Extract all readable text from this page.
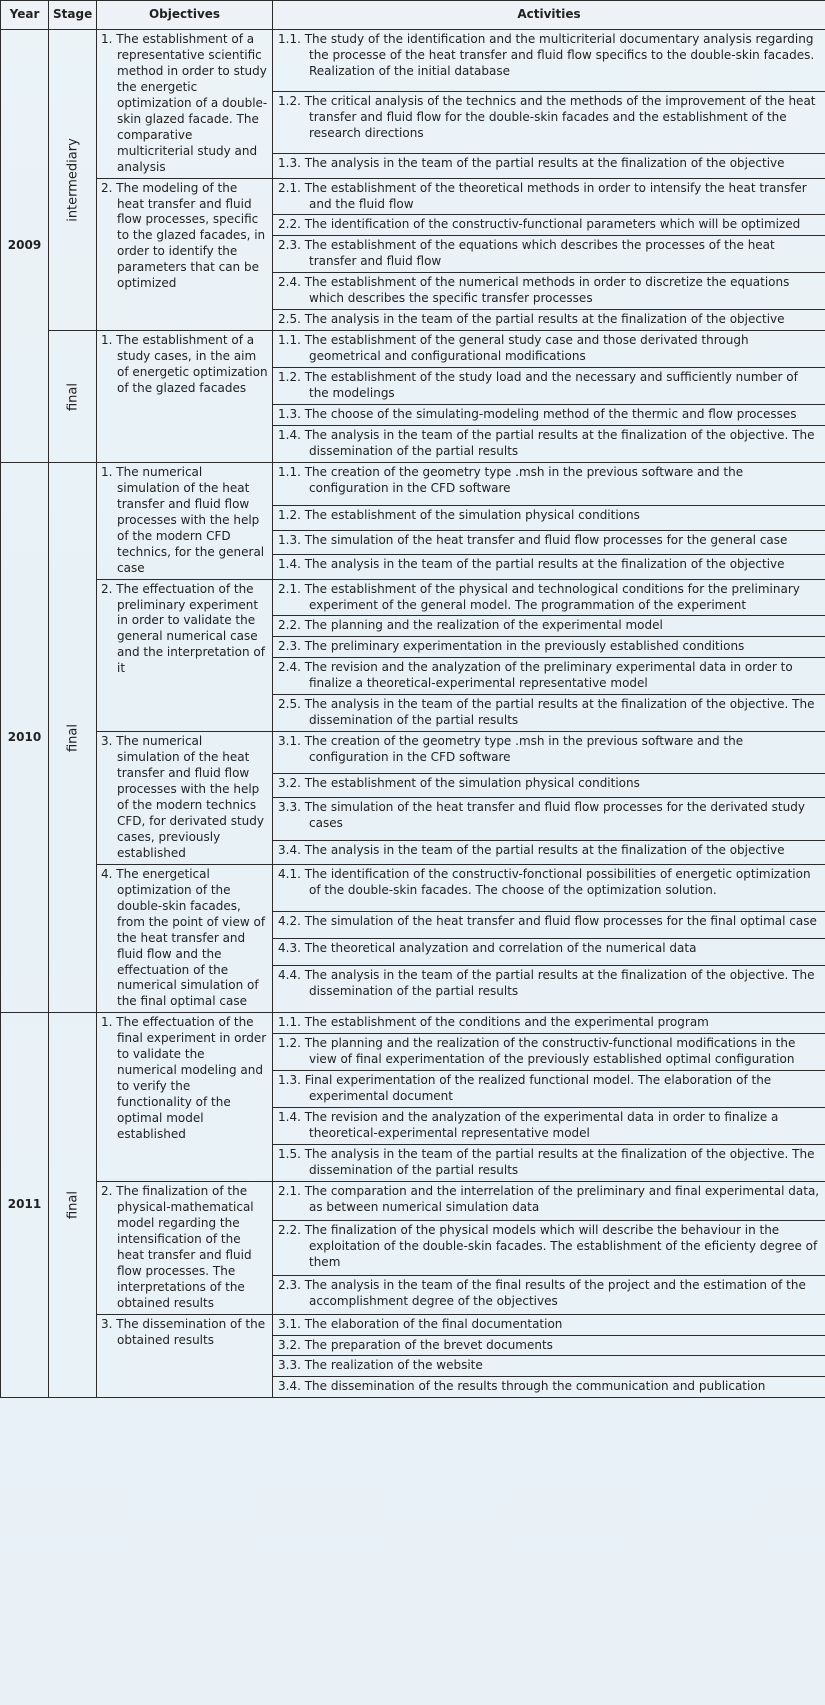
Year	Stage	Objectives	Activities
2009	intermediary	1. The establishment of a representative scientific method in order to study the energetic optimization of a double-skin glazed facade. The comparative multicriterial study and analysis	1.1. The study of the identification and the multicriterial documentary analysis regarding the processe of the heat transfer and fluid flow specifics to the double-skin facades. Realization of the initial database
			1.2. The critical analysis of the technics and the methods of the improvement of the heat transfer and fluid flow for the double-skin facades and the establishment of the research directions
			1.3. The analysis in the team of the partial results at the finalization of the objective
		2. The modeling of the heat transfer and fluid flow processes, specific to the glazed facades, in order to identify the parameters that can be optimized	2.1. The establishment of the theoretical methods in order to intensify the heat transfer and the fluid flow
			2.2. The identification of the constructiv-functional parameters which will be optimized
			2.3. The establishment of the equations which describes the processes of the heat transfer and fluid flow
			2.4. The establishment of the numerical methods in order to discretize the equations which describes the specific transfer processes
			2.5. The analysis in the team of the partial results at the finalization of the objective

	final	1. The establishment of a study cases, in the aim of energetic optimization of the glazed facades	1.1. The establishment of the general study case and those derivated through geometrical and configurational modifications
			1.2. The establishment of the study load and the necessary and sufficiently number of the modelings
			1.3. The choose of the simulating-modeling method of the thermic and flow processes
			1.4. The analysis in the team of the partial results at the finalization of the objective. The dissemination of the partial results
2010	final	1. The numerical simulation of the heat transfer and fluid flow processes with the help of the modern CFD technics, for the general case	1.1. The creation of the geometry type .msh in the previous software and the configuration in the CFD software
			1.2. The establishment of the simulation physical conditions
			1.3. The simulation of the heat transfer and fluid flow processes for the general case
			1.4. The analysis in the team of the partial results at the finalization of the objective
		2. The effectuation of the preliminary experiment in order to validate the general numerical case and the interpretation of it	2.1. The establishment of the physical and technological conditions for the preliminary experiment of the general model. The programmation of the experiment
			2.2. The planning and the realization of the experimental model
			2.3. The preliminary experimentation in the previously established conditions
			2.4. The revision and the analyzation of the preliminary experimental data in order to finalize a theoretical-experimental representative model
			2.5. The analysis in the team of the partial results at the finalization of the objective. The dissemination of the partial results
		3. The numerical simulation of the heat transfer and fluid flow processes with the help of the modern technics CFD, for derivated study cases, previously established	3.1. The creation of the geometry type .msh in the previous software and the configuration in the CFD software
			3.2. The establishment of the simulation physical conditions
			3.3. The simulation of the heat transfer and fluid flow processes for the derivated study cases
			3.4. The analysis in the team of the partial results at the finalization of the objective
		4. The energetical optimization of the double-skin facades, from the point of view of the heat transfer and fluid flow and the effectuation of the numerical simulation of the final optimal case	4.1. The identification of the constructiv-fonctional possibilities of energetic optimization of the double-skin facades. The choose of the optimization solution.
			4.2. The simulation of the heat transfer and fluid flow processes for the final optimal case
			4.3. The theoretical analyzation and correlation of the numerical data
			4.4. The analysis in the team of the partial results at the finalization of the objective. The dissemination of the partial results
2011	final	1. The effectuation of the final experiment in order to validate the numerical modeling and to verify the functionality of the optimal model established	1.1. The establishment of the conditions and the experimental program
			1.2. The planning and the realization of the constructiv-functional modifications in the view of final experimentation of the previously established optimal configuration
			1.3. Final experimentation of the realized functional model. The elaboration of the experimental document
			1.4. The revision and the analyzation of the experimental data in order to finalize a theoretical-experimental representative model
			1.5. The analysis in the team of the partial results at the finalization of the objective. The dissemination of the partial results
		2. The finalization of the physical-mathematical model regarding the intensification of the heat transfer and fluid flow processes. The interpretations of the obtained results	2.1. The comparation and the interrelation of the preliminary and final experimental data, as between numerical simulation data
			2.2. The finalization of the physical models which will describe the behaviour in the exploitation of the double-skin facades. The establishment of the eficienty degree of them
			2.3. The analysis in the team of the final results of the project and the estimation of the accomplishment degree of the objectives
		3. The dissemination of the obtained results	3.1. The elaboration of the final documentation
			3.2. The preparation of the brevet documents
			3.3. The realization of the website
			3.4. The dissemination of the results through the communication and publication
